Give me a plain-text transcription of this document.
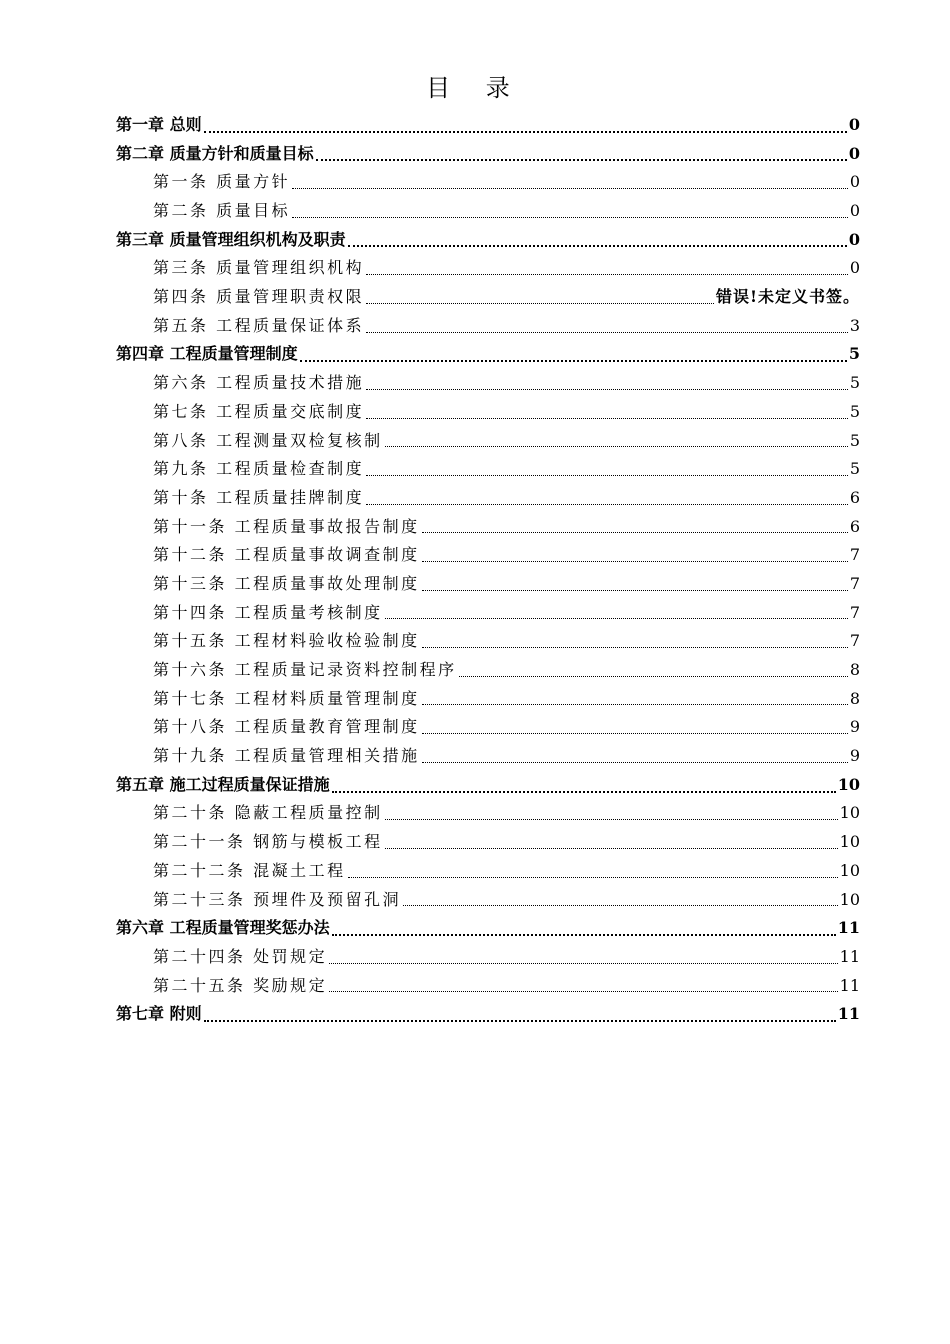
目 录
第一章 总则	0
第二章 质量方针和质量目标	0
第一条 质量方针	0
第二条 质量目标	0
第三章 质量管理组织机构及职责	0
第三条 质量管理组织机构	0
第四条 质量管理职责权限	错误!未定义书签。
第五条 工程质量保证体系	3
第四章 工程质量管理制度	5
第六条 工程质量技术措施	5
第七条 工程质量交底制度	5
第八条 工程测量双检复核制	5
第九条 工程质量检查制度	5
第十条 工程质量挂牌制度	6
第十一条 工程质量事故报告制度	6
第十二条 工程质量事故调查制度	7
第十三条 工程质量事故处理制度	7
第十四条 工程质量考核制度	7
第十五条 工程材料验收检验制度	7
第十六条 工程质量记录资料控制程序	8
第十七条 工程材料质量管理制度	8
第十八条 工程质量教育管理制度	9
第十九条 工程质量管理相关措施	9
第五章 施工过程质量保证措施	10
第二十条 隐蔽工程质量控制	10
第二十一条 钢筋与模板工程	10
第二十二条 混凝土工程	10
第二十三条 预埋件及预留孔洞	10
第六章 工程质量管理奖惩办法	11
第二十四条 处罚规定	11
第二十五条 奖励规定	11
第七章 附则	11
